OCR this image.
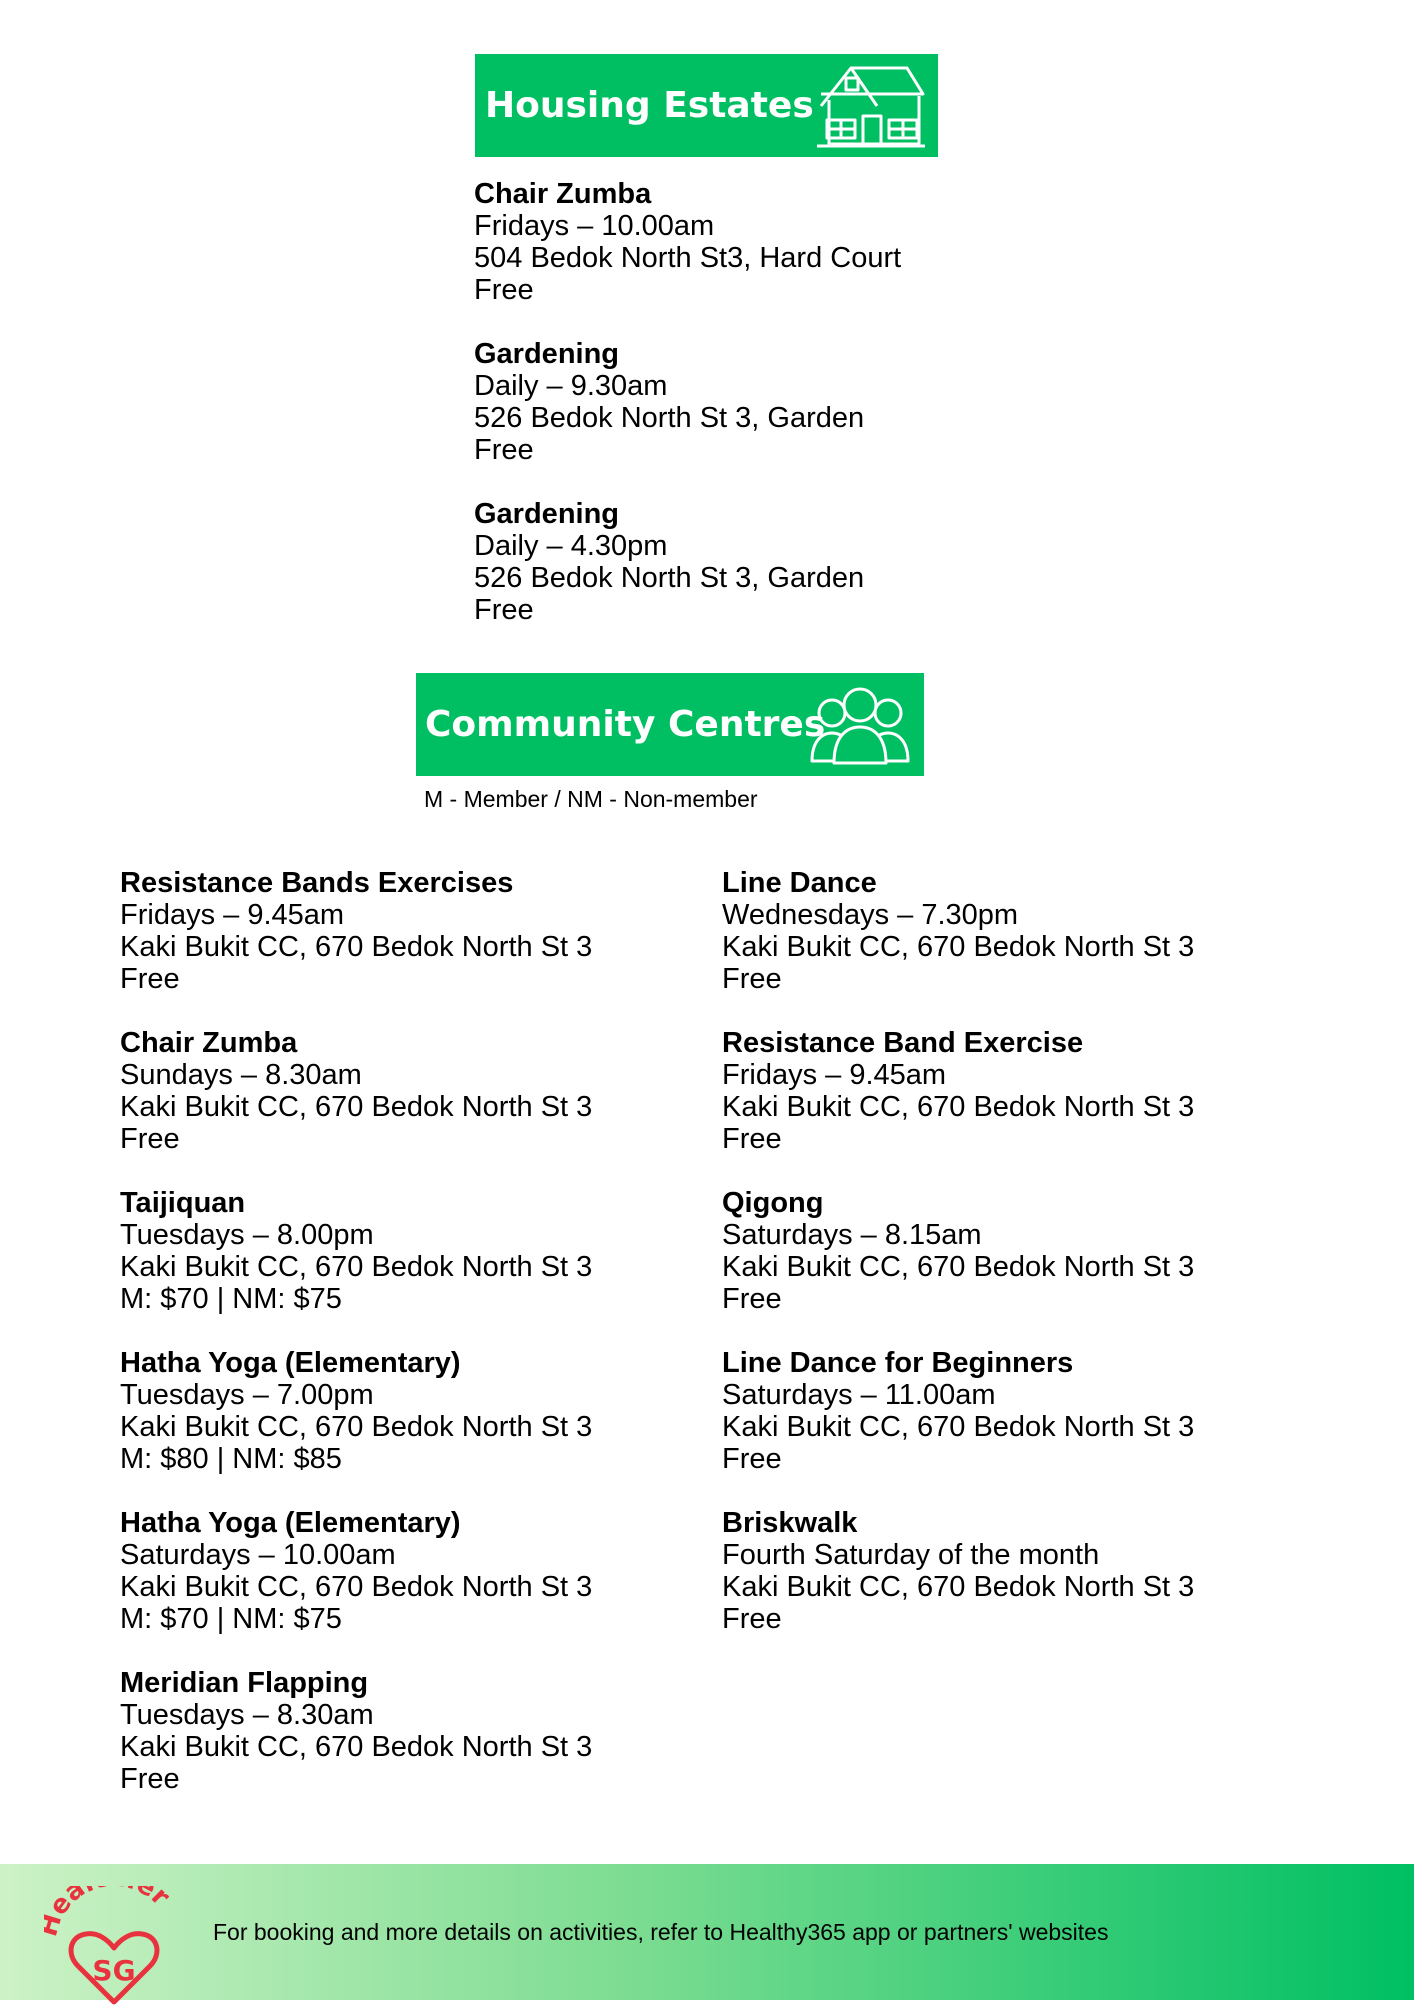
Housing Estates
Chair Zumba
Fridays – 10.00am
504 Bedok North St3, Hard Court
Free
Gardening
Daily – 9.30am
526 Bedok North St 3, Garden
Free
Gardening
Daily – 4.30pm
526 Bedok North St 3, Garden
Free
Community Centres
M - Member / NM - Non-member
Resistance Bands Exercises
Fridays – 9.45am
Kaki Bukit CC, 670 Bedok North St 3
Free
Chair Zumba
Sundays – 8.30am
Kaki Bukit CC, 670 Bedok North St 3
Free
Taijiquan
Tuesdays – 8.00pm
Kaki Bukit CC, 670 Bedok North St 3
M: $70 | NM: $75
Hatha Yoga (Elementary)
Tuesdays – 7.00pm
Kaki Bukit CC, 670 Bedok North St 3
M: $80 | NM: $85
Hatha Yoga (Elementary)
Saturdays – 10.00am
Kaki Bukit CC, 670 Bedok North St 3
M: $70 | NM: $75
Meridian Flapping
Tuesdays – 8.30am
Kaki Bukit CC, 670 Bedok North St 3
Free
Line Dance
Wednesdays – 7.30pm
Kaki Bukit CC, 670 Bedok North St 3
Free
Resistance Band Exercise
Fridays – 9.45am
Kaki Bukit CC, 670 Bedok North St 3
Free
Qigong
Saturdays – 8.15am
Kaki Bukit CC, 670 Bedok North St 3
Free
Line Dance for Beginners
Saturdays – 11.00am
Kaki Bukit CC, 670 Bedok North St 3
Free
Briskwalk
Fourth Saturday of the month
Kaki Bukit CC, 670 Bedok North St 3
Free
ea er
SG
For booking and more details on activities, refer to Healthy365 app or partners' websites
